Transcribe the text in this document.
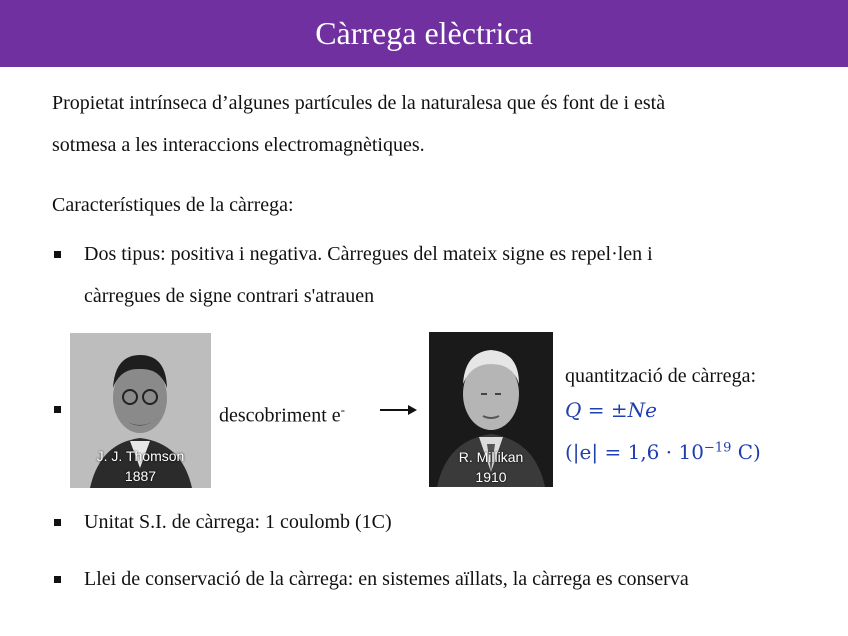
Càrrega elèctrica
Propietat intrínseca d’algunes partícules de la naturalesa que és font de i està
sotmesa a les interaccions electromagnètiques.
Característiques de la càrrega:
Dos tipus: positiva i negativa. Càrregues del mateix signe es repel·len i
càrregues de signe contrari s'atrauen
J. J. Thomson
1887
descobriment e-
R. Millikan
1910
quantització de càrrega:
Q = ±Ne
($|e| = 1,6 \cdot 10^{-19}$ C)
Unitat S.I. de càrrega: 1 coulomb (1C)
Llei de conservació de la càrrega: en sistemes aïllats, la càrrega es conserva
